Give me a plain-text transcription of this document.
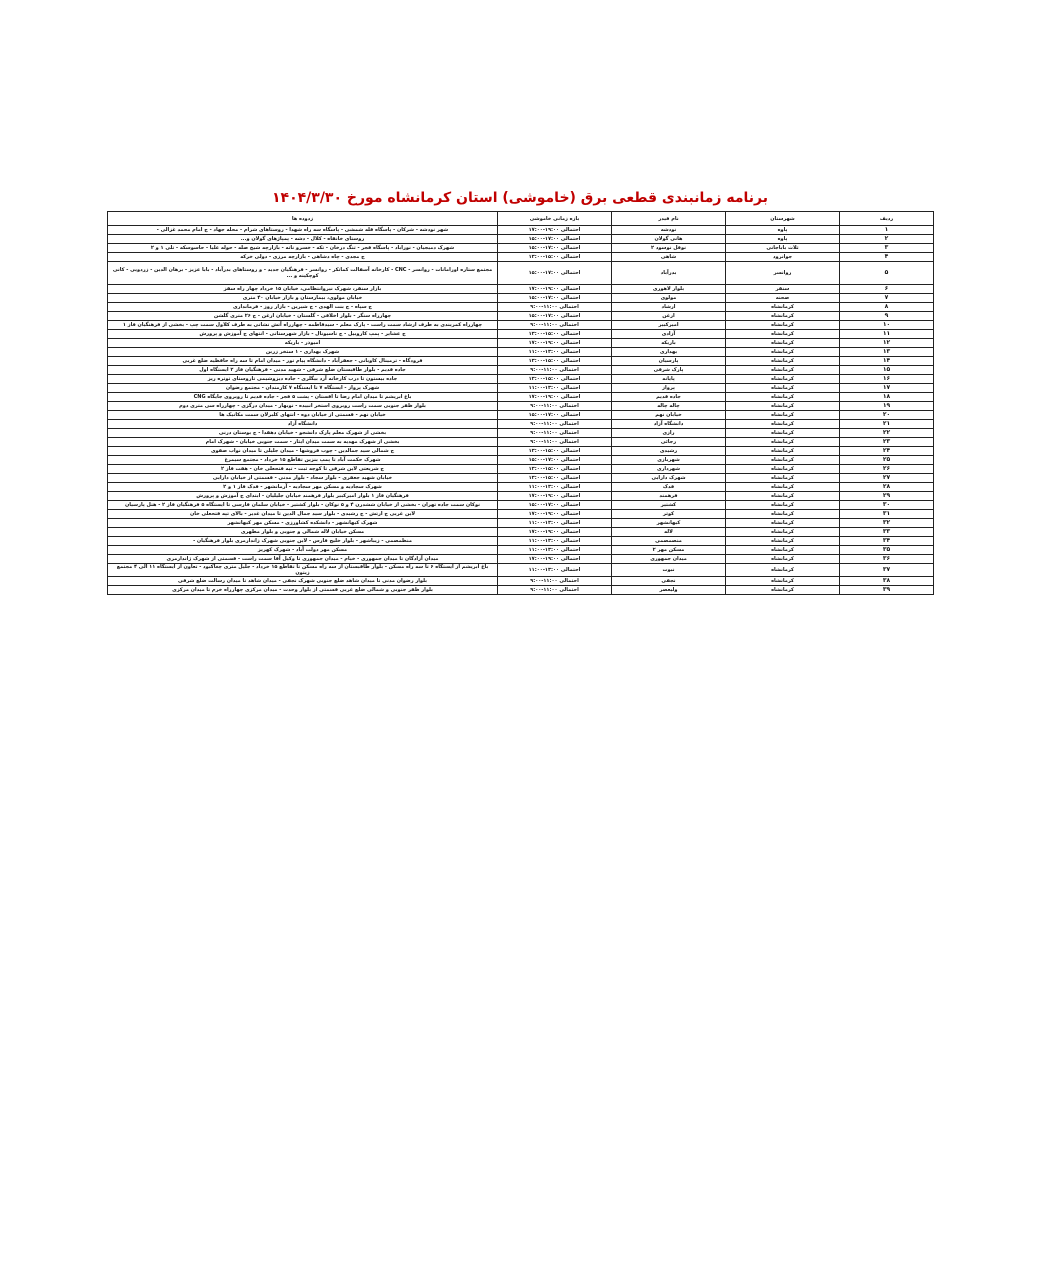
برنامه زمانبندی قطعی برق (خاموشی) استان کرمانشاه مورخ ۱۴۰۴/۳/۳۰
ردیف	شهرستان	نام فیدر	بازه زمانی خاموشی	زدوده ها
۱	پاوه	نودشه	احتمالی ۱۹:۰۰-۱۷:۰۰	شهر نودشه - شرکان - پاسگاه قله شمشی - پاسگاه سه راه شهدا - روستاهای شرام - محله جهاد - ج امام محمد غزالی -
۲	پاوه	هانی گولان	احتمالی ۱۷:۰۰-۱۵:۰۰	روستای خانقاه - کلال - دشه - پمپاژهای گولان و...
۳	ثلاث باباجانی	نوفل نوسود ۲	احتمالی ۱۷:۰۰-۱۵:۰۰	شهرک دمیجیان - نوراباد - پاسگاه فجر - تنگ درخان - تکه - خسرو ناته - بازارچه شیخ صله - حوله علیا - حاسوسکه - تلی ۱ و ۲
۴	جوانرود	شاهی	احتمالی ۱۵:۰۰-۱۳:۰۰	ج مجدی - چاه دشاهی - بازارچه مرزی - دولی خرکه
۵	روانسر	بدرآباد	احتمالی ۱۷:۰۰-۱۵:۰۰	مجتمع ستاره اورامانات - روانسر - CNC - کارخانه آسفالت کماتکر - روانسر - فرهنگیان جدید - و روستاهای بدرآباد - بابا عزیز - برهان الدین - زردویی - کانی کوچکینه و ...
۶	سنقر	بلوار لاهوری	احتمالی ۱۹:۰۰-۱۷:۰۰	بازار سنقر، شهرک نیروانتظامی، خیابان ۱۵ خرداد چهار راه سقز
۷	صحنه	مولوی	احتمالی ۱۷:۰۰-۱۵:۰۰	خیابان مولوی، بیمارستان و بازار خیابان ۴۰ متری
۸	کرمانشاه	ارشاد	احتمالی ۱۱:۰۰-۹:۰۰	ج سپاه - ج بنت الهدی - ج شیرین - بازار روز - فرمانداری
۹	کرمانشاه	ارغن	احتمالی ۱۷:۰۰-۱۵:۰۰	چهارراه سنگر - بلوار اخلاقی - گلستان - خیابان ارغن - ج ۲۶ متری گلشن
۱۰	کرمانشاه	امیرکبیر	احتمالی ۱۱:۰۰-۹:۰۰	چهارراه کمربندی به طرف ارشاد سمت راست - پارک معلم - سیدفاطمه - چهارراه آتش نشانی به طرف کلاول سمت چپ - بخشی از فرهنگیان فاز ۱
۱۱	کرمانشاه	آزادی	احتمالی ۱۵:۰۰-۱۳:۰۰	ج عشایر - پمپ کاروبیل - ج ناسیونال - بازار شهرستانی - انتهای ج آموزش و پرورش
۱۲	کرمانشاه	باریکه	احتمالی ۱۹:۰۰-۱۷:۰۰	امیوذر - باریکه
۱۳	کرمانشاه	بهداری	احتمالی ۱۳:۰۰-۱۱:۰۰	شهرک بهداری - ۱ ستخر زرین
۱۴	کرمانشاه	پارسیان	احتمالی ۱۵:۰۰-۱۳:۰۰	فرودگاه - ترمینال کاوبانی - جعفرآباد - دانشگاه پیام نور - میدان امام تا سه راه حافظیه ضلع غربی
۱۵	کرمانشاه	پارک شرقی	احتمالی ۱۱:۰۰-۹:۰۰	جاده قدیم - بلوار طاقبستان ضلع شرقی - شهید مدنی - فرهنگیان فاز ۲ ایستگاه اول
۱۶	کرمانشاه	پایانه	احتمالی ۱۵:۰۰-۱۳:۰۰	جاده بیستون تا درب کارخانه آرد بیگلری - جاده دیزوشیمی تاروستای توتره ریز
۱۷	کرمانشاه	پرواز	احتمالی ۱۳:۰۰-۱۱:۰۰	شهرک پرواز - ایستگاه ۷ تا ایستگاه ۷ کارمندان - مجتمع رضوان
۱۸	کرمانشاه	جاده قدیم	احتمالی ۱۹:۰۰-۱۷:۰۰	باغ ابریشم تا میدان امام رضا تا اقستان - پشت ۵ فجر - جاده قدیم تا روبروی جایگاه CNG
۱۹	کرمانشاه	چاله چاله	احتمالی ۱۱:۰۰-۹:۰۰	بلوار ظفر جنوبی سمت راست روبروی استخر انبیده - نوبهار - میدان درگزی - چهارراه سی متری دوم
۲۰	کرمانشاه	خیابان نهم	احتمالی ۱۷:۰۰-۱۵:۰۰	خیابان نهم - قسمتی از خیابان دوه - انتهای کلبرلان سمت مکانیک ها
۲۱	کرمانشاه	دانشگاه آزاد	احتمالی ۱۱:۰۰-۹:۰۰	دانشگاه آزاد
۲۲	کرمانشاه	رازی	احتمالی ۱۱:۰۰-۹:۰۰	بخشی از شهرک معلم پارک دانشجو - خیابان دهقدا - ج بوستان درنی
۲۳	کرمانشاه	رجائی	احتمالی ۱۱:۰۰-۹:۰۰	بخشی از شهرک مهدیه به سمت میدان ایثار - سمت جنوبی خیابان - شهرک امام
۲۴	کرمانشاه	رشیدی	احتمالی ۱۵:۰۰-۱۳:۰۰	ج شمالی سید جمالدین - چوب فروشها - میدان جلیلی تا میدان نواب صفوی
۲۵	کرمانشاه	شهربازی	احتمالی ۱۷:۰۰-۱۵:۰۰	شهرک حکمت آباد تا پمپ بنزین تقاطع ۱۵ خرداد - مجتمع سیمرغ
۲۶	کرمانشاه	شهرداری	احتمالی ۱۵:۰۰-۱۳:۰۰	ج شریعتی لاین شرقی تا کوچه ثبت - تپه فتحعلی خان - هفت فاز ۲
۲۷	کرمانشاه	شهرک دارایی	احتمالی ۱۵:۰۰-۱۳:۰۰	خیابان شهید جعفری - بلوار سجاد - بلوار مدنی - قسمتی از خیابان دارایی
۲۸	کرمانشاه	فدک	احتمالی ۱۳:۰۰-۱۱:۰۰	شهرک سجادیه و مسکن مهر سجادیه - آرمانشهر - فدک فاز ۱ و ۲
۲۹	کرمانشاه	فرهمند	احتمالی ۱۹:۰۰-۱۷:۰۰	فرهنگیان فاز ۱ بلوار امیرکبیر بلوار فرهمند خیابان جلیلیان - ابتدای ج آموزش و پرورش
۳۰	کرمانشاه	کشتیر	احتمالی ۱۷:۰۰-۱۵:۰۰	نوکان سمت جاده تهران - بخشی از خیابان ششدرن ۴ و ۵ نوکان - بلوار کشتیر - خیابان سلمان فارسی تا ایستگاه ۵ فرهنگیان فاز ۲ - هتل پارسیان
۳۱	کرمانشاه	کوثر	احتمالی ۱۹:۰۰-۱۷:۰۰	لاین غربی ج ارتش - ج رشیدی - بلوار سید جمال الدین تا میدان غدیر - بالای تپه فتحعلی خان
۳۲	کرمانشاه	کیهانشهر	احتمالی ۱۳:۰۰-۱۱:۰۰	شهرک کیهانشهر - دانشکده کشاورزی - مسکن مهر کیهانشهر
۳۳	کرمانشاه	لاله	احتمالی ۱۹:۰۰-۱۷:۰۰	مسکن خیابان لاله شمالی و جنوبی و بلوار مطهری
۳۴	کرمانشاه	منصمصمی	احتمالی ۱۳:۰۰-۱۱:۰۰	منظمصمی - زیباشهر - بلوار خلیج فارس - لاین جنوبی شهرک زاندارمری بلوار فرهنگیان -
۳۵	کرمانشاه	مسکن مهر ۲	احتمالی ۱۳:۰۰-۱۱:۰۰	مسکن مهر دولت آباد - شهرک کهریز
۳۶	کرمانشاه	میدان جمهوری	احتمالی ۱۹:۰۰-۱۷:۰۰	میدان آزادگان تا میدان جمهوری - خیام - میدان جمهوری تا وکیل آقا سمت راست - قسمتی از شهرک ژاندارمری
۳۷	کرمانشاه	نبوت	احتمالی ۱۳:۰۰-۱۱:۰۰	باغ ابریشم از ایستگاه ۶ تا سه راه مسکن - بلوار طاقبستان از سه راه مسکن تا تقاطع ۱۵ خرداد - جلیل متری چغاکبود - تعاون از ایستگاه ۱۱ الی ۴ مجتمع زیتون
۳۸	کرمانشاه	نجفی	احتمالی ۱۱:۰۰-۹:۰۰	بلوار رضوان مدنی تا میدان شاهد ضلع جنوبی شهرک نجفی - میدان شاهد تا میدان رسالت ضلع شرقی
۳۹	کرمانشاه	ولیعصر	احتمالی ۱۱:۰۰-۹:۰۰	بلوار ظفر جنوبی و شمالی ضلع غربی قسمتی از بلوار وحدت - میدان مرکزی چهارراه خرم تا میدان مرکزی
